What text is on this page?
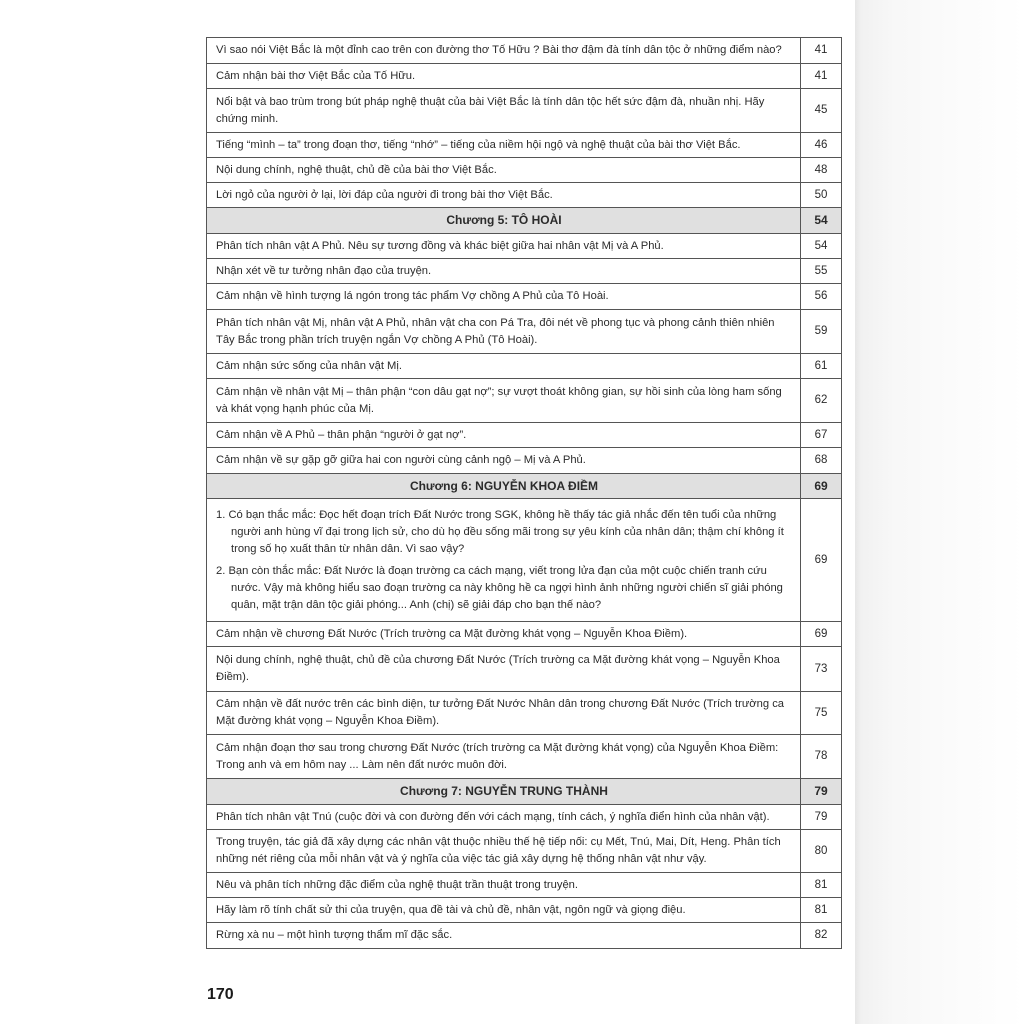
Vì sao nói Việt Bắc là một đỉnh cao trên con đường thơ Tố Hữu ? Bài thơ đậm đà tính dân tộc ở những điểm nào?	41

Cảm nhận bài thơ Việt Bắc của Tố Hữu.	41

Nổi bật và bao trùm trong bút pháp nghệ thuật của bài Việt Bắc là tính dân tộc hết sức đậm đà, nhuần nhị. Hãy chứng minh.	45

Tiếng “mình – ta” trong đoạn thơ, tiếng “nhớ” – tiếng của niềm hội ngộ và nghệ thuật của bài thơ Việt Bắc.	46

Nội dung chính, nghệ thuật, chủ đề của bài thơ Việt Bắc.	48

Lời ngỏ của người ở lại, lời đáp của người đi trong bài thơ Việt Bắc.	50

Chương 5: TÔ HOÀI	54

Phân tích nhân vật A Phủ. Nêu sự tương đồng và khác biệt giữa hai nhân vật Mị và A Phủ.	54

Nhận xét về tư tưởng nhân đạo của truyện.	55

Cảm nhận về hình tượng lá ngón trong tác phẩm Vợ chồng A Phủ của Tô Hoài.	56

Phân tích nhân vật Mị, nhân vật A Phủ, nhân vật cha con Pá Tra, đôi nét về phong tục và phong cảnh thiên nhiên Tây Bắc trong phần trích truyện ngắn Vợ chồng A Phủ (Tô Hoài).	59

Cảm nhận sức sống của nhân vật Mị.	61

Cảm nhận về nhân vật Mị – thân phận “con dâu gạt nợ”; sự vượt thoát không gian, sự hồi sinh của lòng ham sống và khát vọng hạnh phúc của Mị.	62

Cảm nhận về A Phủ – thân phận “người ở gạt nợ”.	67

Cảm nhận về sự gặp gỡ giữa hai con người cùng cảnh ngộ – Mị và A Phủ.	68

Chương 6: NGUYỄN KHOA ĐIỀM	69

1. Có bạn thắc mắc: Đọc hết đoạn trích Đất Nước trong SGK, không hề thấy tác giả nhắc đến tên tuổi của những người anh hùng vĩ đại trong lịch sử, cho dù họ đều sống mãi trong sự yêu kính của nhân dân; thậm chí không ít trong số họ xuất thân từ nhân dân. Vì sao vậy?

2. Bạn còn thắc mắc: Đất Nước là đoạn trường ca cách mạng, viết trong lửa đạn của một cuộc chiến tranh cứu nước. Vậy mà không hiểu sao đoạn trường ca này không hề ca ngợi hình ảnh những người chiến sĩ giải phóng quân, mặt trận dân tộc giải phóng... Anh (chị) sẽ giải đáp cho bạn thế nào?	69

Cảm nhận về chương Đất Nước (Trích trường ca Mặt đường khát vọng – Nguyễn Khoa Điềm).	69

Nội dung chính, nghệ thuật, chủ đề của chương Đất Nước (Trích trường ca Mặt đường khát vọng – Nguyễn Khoa Điềm).	73

Cảm nhận về đất nước trên các bình diện, tư tưởng Đất Nước Nhân dân trong chương Đất Nước (Trích trường ca Mặt đường khát vọng – Nguyễn Khoa Điềm).	75

Cảm nhận đoạn thơ sau trong chương Đất Nước (trích trường ca Mặt đường khát vọng) của Nguyễn Khoa Điềm: Trong anh và em hôm nay ... Làm nên đất nước muôn đời.	78

Chương 7: NGUYỄN TRUNG THÀNH	79

Phân tích nhân vật Tnú (cuộc đời và con đường đến với cách mạng, tính cách, ý nghĩa điển hình của nhân vật).	79

Trong truyện, tác giả đã xây dựng các nhân vật thuộc nhiều thế hệ tiếp nối: cụ Mết, Tnú, Mai, Dít, Heng. Phân tích những nét riêng của mỗi nhân vật và ý nghĩa của việc tác giả xây dựng hệ thống nhân vật như vậy.	80

Nêu và phân tích những đặc điểm của nghệ thuật trần thuật trong truyện.	81

Hãy làm rõ tính chất sử thi của truyện, qua đề tài và chủ đề, nhân vật, ngôn ngữ và giọng điệu.	81

Rừng xà nu – một hình tượng thẩm mĩ đặc sắc.	82
170
